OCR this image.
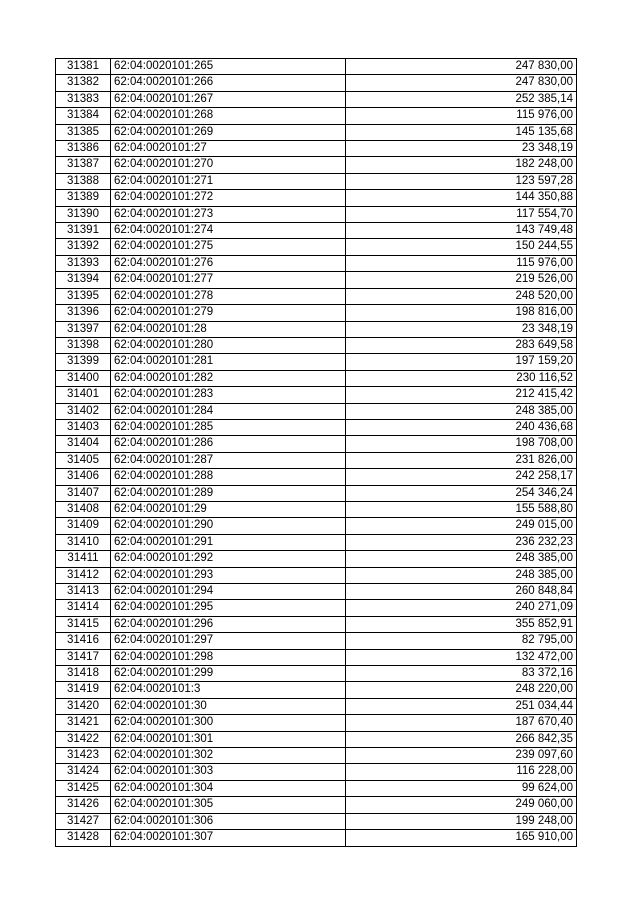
31381	62:04:0020101:265	247 830,00
31382	62:04:0020101:266	247 830,00
31383	62:04:0020101:267	252 385,14
31384	62:04:0020101:268	115 976,00
31385	62:04:0020101:269	145 135,68
31386	62:04:0020101:27	23 348,19
31387	62:04:0020101:270	182 248,00
31388	62:04:0020101:271	123 597,28
31389	62:04:0020101:272	144 350,88
31390	62:04:0020101:273	117 554,70
31391	62:04:0020101:274	143 749,48
31392	62:04:0020101:275	150 244,55
31393	62:04:0020101:276	115 976,00
31394	62:04:0020101:277	219 526,00
31395	62:04:0020101:278	248 520,00
31396	62:04:0020101:279	198 816,00
31397	62:04:0020101:28	23 348,19
31398	62:04:0020101:280	283 649,58
31399	62:04:0020101:281	197 159,20
31400	62:04:0020101:282	230 116,52
31401	62:04:0020101:283	212 415,42
31402	62:04:0020101:284	248 385,00
31403	62:04:0020101:285	240 436,68
31404	62:04:0020101:286	198 708,00
31405	62:04:0020101:287	231 826,00
31406	62:04:0020101:288	242 258,17
31407	62:04:0020101:289	254 346,24
31408	62:04:0020101:29	155 588,80
31409	62:04:0020101:290	249 015,00
31410	62:04:0020101:291	236 232,23
31411	62:04:0020101:292	248 385,00
31412	62:04:0020101:293	248 385,00
31413	62:04:0020101:294	260 848,84
31414	62:04:0020101:295	240 271,09
31415	62:04:0020101:296	355 852,91
31416	62:04:0020101:297	82 795,00
31417	62:04:0020101:298	132 472,00
31418	62:04:0020101:299	83 372,16
31419	62:04:0020101:3	248 220,00
31420	62:04:0020101:30	251 034,44
31421	62:04:0020101:300	187 670,40
31422	62:04:0020101:301	266 842,35
31423	62:04:0020101:302	239 097,60
31424	62:04:0020101:303	116 228,00
31425	62:04:0020101:304	99 624,00
31426	62:04:0020101:305	249 060,00
31427	62:04:0020101:306	199 248,00
31428	62:04:0020101:307	165 910,00
